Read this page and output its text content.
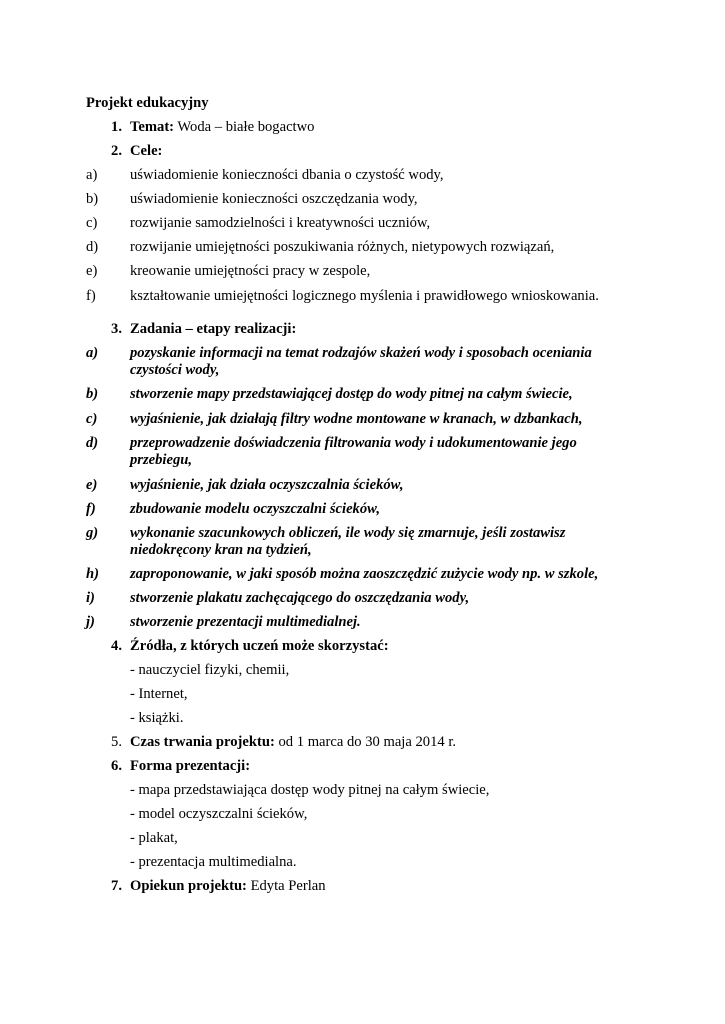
Projekt edukacyjny
1. Temat: Woda – białe bogactwo
2. Cele:
a) uświadomienie konieczności dbania o czystość wody,
b) uświadomienie konieczności oszczędzania wody,
c) rozwijanie samodzielności i kreatywności uczniów,
d) rozwijanie umiejętności poszukiwania różnych, nietypowych rozwiązań,
e) kreowanie umiejętności pracy w zespole,
f) kształtowanie umiejętności logicznego myślenia i prawidłowego wnioskowania.
3. Zadania – etapy realizacji:
a) pozyskanie informacji na temat rodzajów skażeń wody i sposobach oceniania
czystości wody,
b) stworzenie mapy przedstawiającej dostęp do wody pitnej na całym świecie,
c) wyjaśnienie, jak działają filtry wodne montowane w kranach, w dzbankach,
d) przeprowadzenie doświadczenia filtrowania wody i udokumentowanie jego
przebiegu,
e) wyjaśnienie, jak działa oczyszczalnia ścieków,
f) zbudowanie modelu oczyszczalni ścieków,
g) wykonanie szacunkowych obliczeń, ile wody się zmarnuje, jeśli zostawisz
niedokręcony kran na tydzień,
h) zaproponowanie, w jaki sposób można zaoszczędzić zużycie wody np. w szkole,
i) stworzenie plakatu zachęcającego do oszczędzania wody,
j) stworzenie prezentacji multimedialnej.
4. Źródła, z których uczeń może skorzystać:
- nauczyciel fizyki, chemii,
- Internet,
- książki.
5. Czas trwania projektu: od 1 marca do 30 maja 2014 r.
6. Forma prezentacji:
- mapa przedstawiająca dostęp wody pitnej na całym świecie,
- model oczyszczalni ścieków,
- plakat,
- prezentacja multimedialna.
7. Opiekun projektu: Edyta Perlan
